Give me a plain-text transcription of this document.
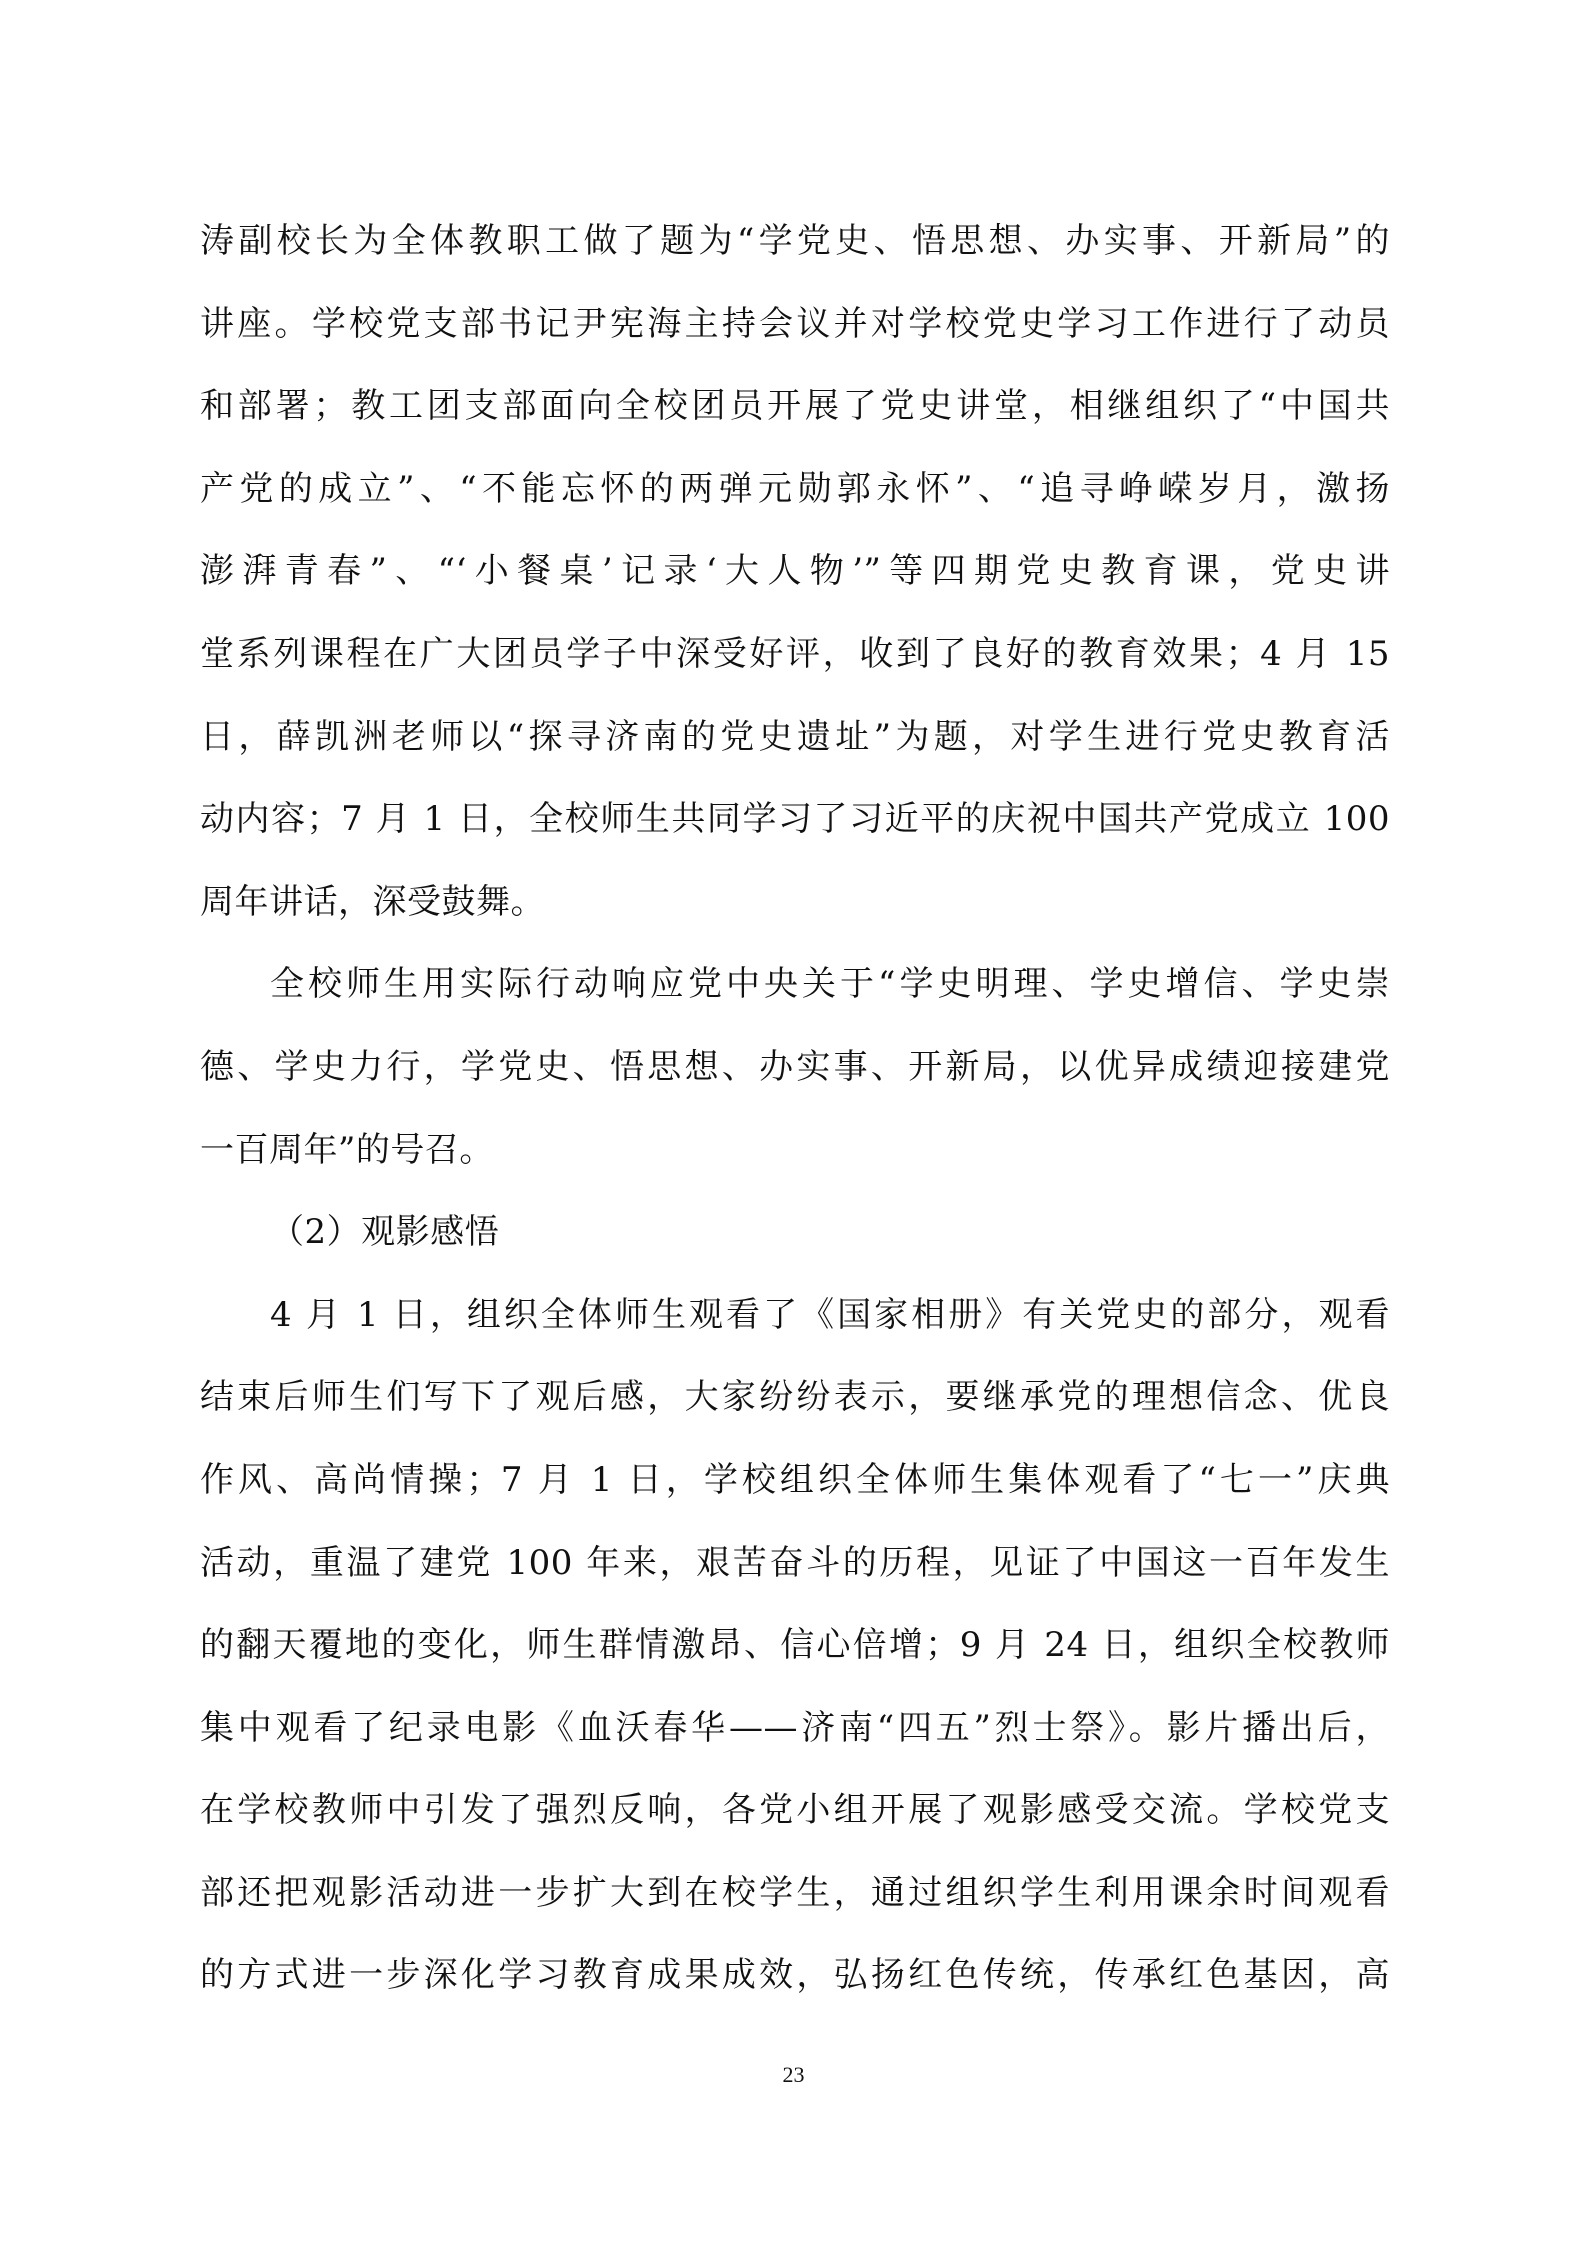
涛副校长为全体教职工做了题为“学党史、悟思想、办实事、开新局”的
讲座。学校党支部书记尹宪海主持会议并对学校党史学习工作进行了动员
和部署；教工团支部面向全校团员开展了党史讲堂，相继组织了“中国共
产党的成立”、“不能忘怀的两弹元勋郭永怀”、“追寻峥嵘岁月，激扬
澎湃青春”、“‘小餐桌’记录‘大人物’”等四期党史教育课，党史讲
堂系列课程在广大团员学子中深受好评，收到了良好的教育效果；4 月 15
日，薛凯洲老师以“探寻济南的党史遗址”为题，对学生进行党史教育活
动内容；7 月 1 日，全校师生共同学习了习近平的庆祝中国共产党成立 100
周年讲话，深受鼓舞。
全校师生用实际行动响应党中央关于“学史明理、学史增信、学史崇
德、学史力行，学党史、悟思想、办实事、开新局，以优异成绩迎接建党
一百周年”的号召。
（2）观影感悟
4 月 1 日，组织全体师生观看了《国家相册》有关党史的部分，观看
结束后师生们写下了观后感，大家纷纷表示，要继承党的理想信念、优良
作风、高尚情操；7 月 1 日，学校组织全体师生集体观看了“七一”庆典
活动，重温了建党 100 年来，艰苦奋斗的历程，见证了中国这一百年发生
的翻天覆地的变化，师生群情激昂、信心倍增；9 月 24 日，组织全校教师
集中观看了纪录电影《血沃春华——济南“四五”烈士祭》。影片播出后，
在学校教师中引发了强烈反响，各党小组开展了观影感受交流。学校党支
部还把观影活动进一步扩大到在校学生，通过组织学生利用课余时间观看
的方式进一步深化学习教育成果成效，弘扬红色传统，传承红色基因，高
23
